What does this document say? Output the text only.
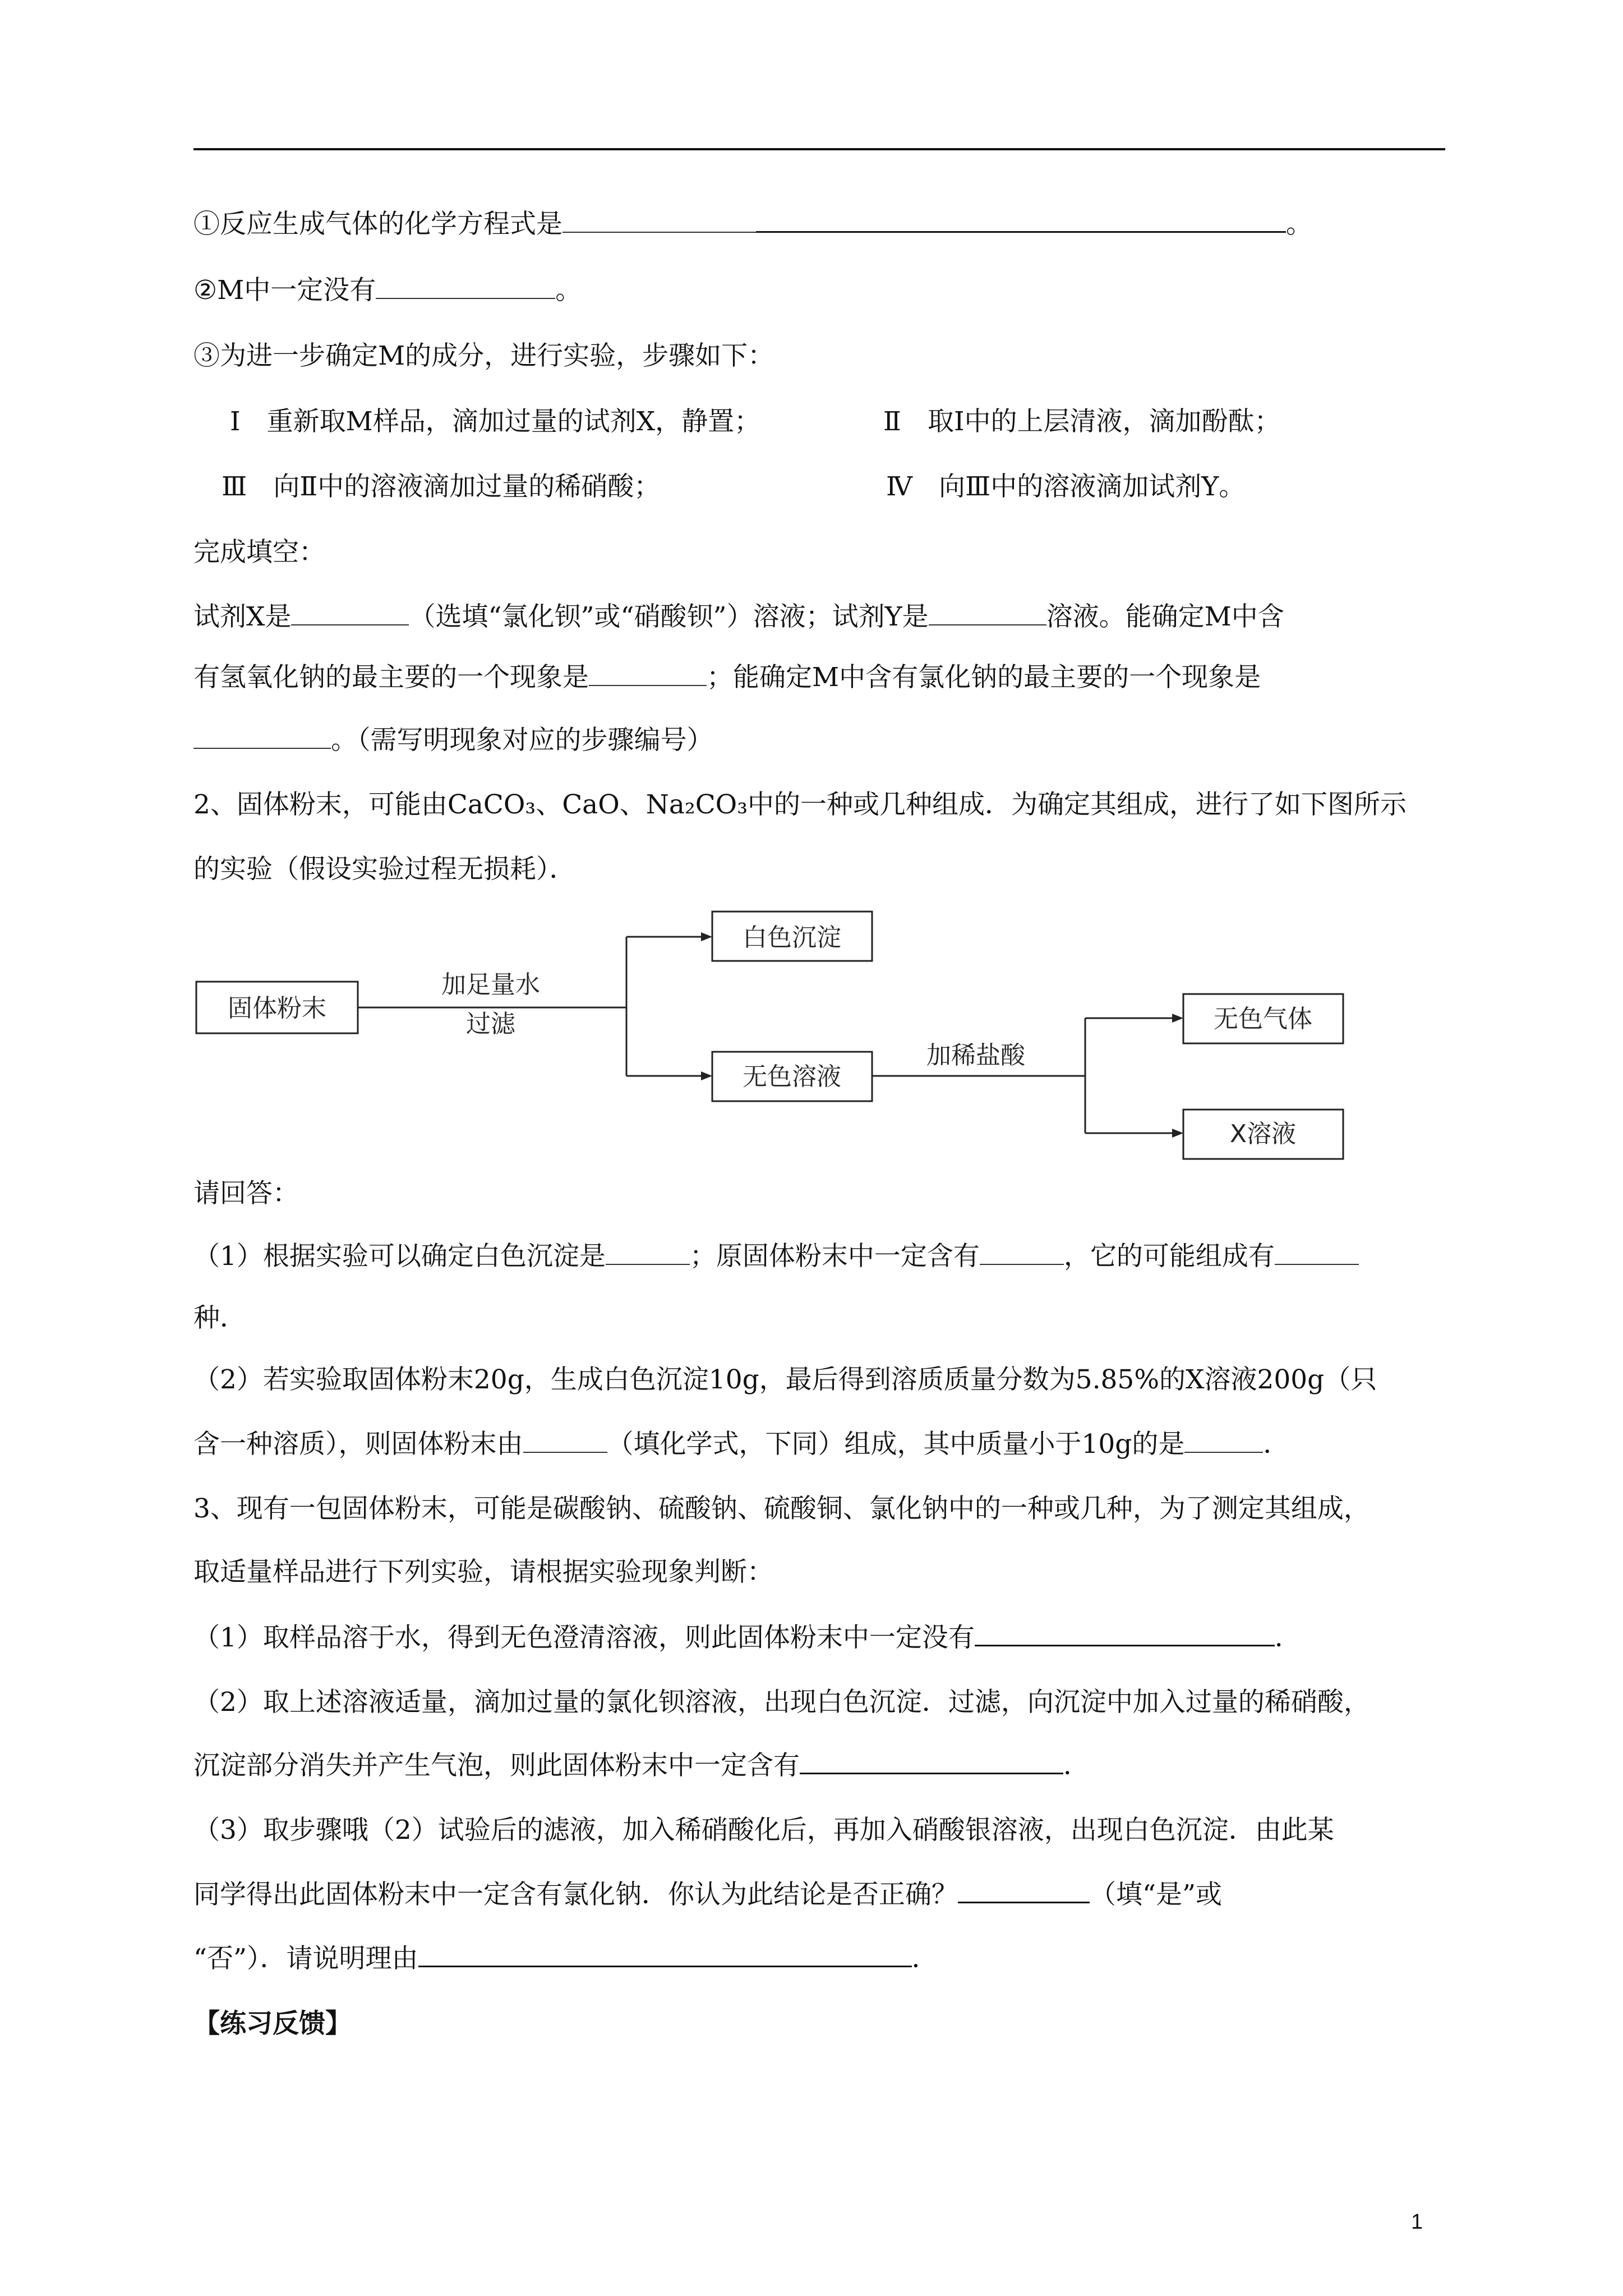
①反应生成气体的化学方程式是	。
②M中一定没有	。
③为进一步确定M的成分，进行实验，步骤如下：
Ⅰ　重新取M样品，滴加过量的试剂X，静置；	Ⅱ　取Ⅰ中的上层清液，滴加酚酞；
Ⅲ　向Ⅱ中的溶液滴加过量的稀硝酸；	Ⅳ　向Ⅲ中的溶液滴加试剂Y。
完成填空：
试剂X是	（选填“氯化钡”或“硝酸钡”）溶液；试剂Y是	溶液。能确定M中含
有氢氧化钠的最主要的一个现象是	；能确定M中含有氯化钠的最主要的一个现象是
。（需写明现象对应的步骤编号）
2、固体粉末，可能由CaCO₃、CaO、Na₂CO₃中的一种或几种组成．为确定其组成，进行了如下图所示
的实验（假设实验过程无损耗）．
固体粉末
加足量水
过滤
白色沉淀
无色溶液
加稀盐酸
无色气体
X溶液
请回答：
（1）根据实验可以确定白色沉淀是	；原固体粉末中一定含有	，它的可能组成有
种．
（2）若实验取固体粉末20g，生成白色沉淀10g，最后得到溶质质量分数为5.85%的X溶液200g（只
含一种溶质），则固体粉末由	（填化学式，下同）组成，其中质量小于10g的是	．
3、现有一包固体粉末，可能是碳酸钠、硫酸钠、硫酸铜、氯化钠中的一种或几种，为了测定其组成，
取适量样品进行下列实验，请根据实验现象判断：
（1）取样品溶于水，得到无色澄清溶液，则此固体粉末中一定没有	．
（2）取上述溶液适量，滴加过量的氯化钡溶液，出现白色沉淀．过滤，向沉淀中加入过量的稀硝酸，
沉淀部分消失并产生气泡，则此固体粉末中一定含有	．
（3）取步骤哦（2）试验后的滤液，加入稀硝酸化后，再加入硝酸银溶液，出现白色沉淀．由此某
同学得出此固体粉末中一定含有氯化钠．你认为此结论是否正确？	（填“是”或
“否”）．请说明理由	．
【练习反馈】
1
